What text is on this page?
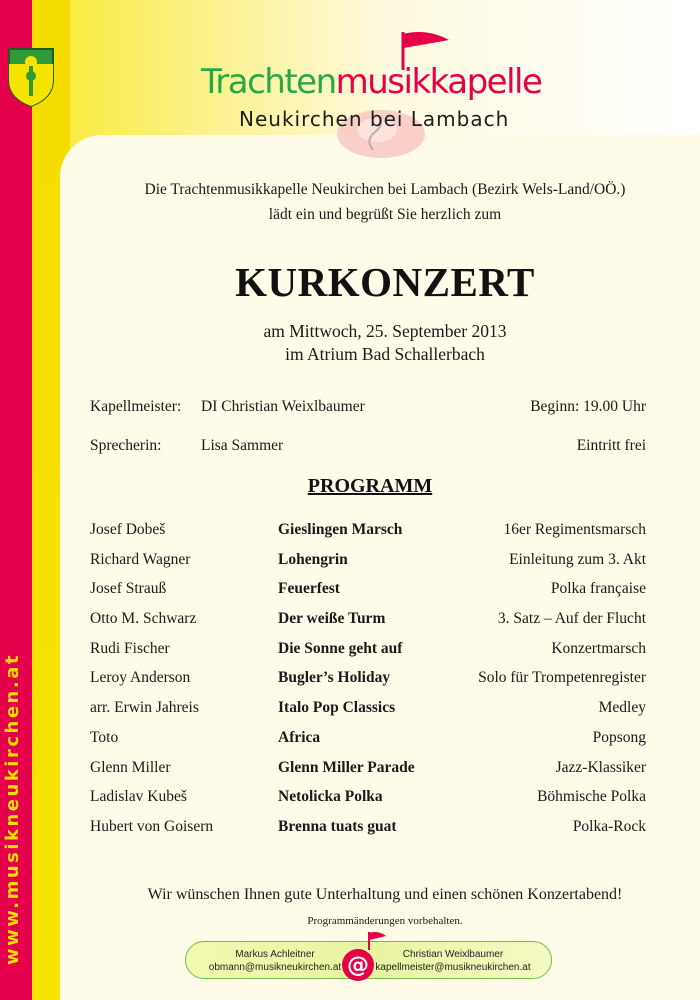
www.musikneukirchen.at
Trachtenmusikkapelle
Neukirchen bei Lambach
Die Trachtenmusikkapelle Neukirchen bei Lambach (Bezirk Wels-Land/OÖ.)
lädt ein und begrüßt Sie herzlich zum
KURKONZERT
am Mittwoch, 25. September 2013
im Atrium Bad Schallerbach
Kapellmeister: DI Christian Weixlbaumer	Beginn: 19.00 Uhr
Sprecherin:	Lisa Sammer	Eintritt frei
PROGRAMM
Josef Dobeš	Gieslingen Marsch	16er Regimentsmarsch
Richard Wagner	Lohengrin	Einleitung zum 3. Akt
Josef Strauß	Feuerfest	Polka française
Otto M. Schwarz	Der weiße Turm	3. Satz – Auf der Flucht
Rudi Fischer	Die Sonne geht auf	Konzertmarsch
Leroy Anderson	Bugler’s Holiday	Solo für Trompetenregister
arr. Erwin Jahreis	Italo Pop Classics	Medley
Toto	Africa	Popsong
Glenn Miller	Glenn Miller Parade	Jazz-Klassiker
Ladislav Kubeš	Netolicka Polka	Böhmische Polka
Hubert von Goisern	Brenna tuats guat	Polka-Rock
Wir wünschen Ihnen gute Unterhaltung und einen schönen Konzertabend!
Programmänderungen vorbehalten.
Markus Achleitner
obmann@musikneukirchen.at @	Christian Weixlbaumer
kapellmeister@musikneukirchen.at
